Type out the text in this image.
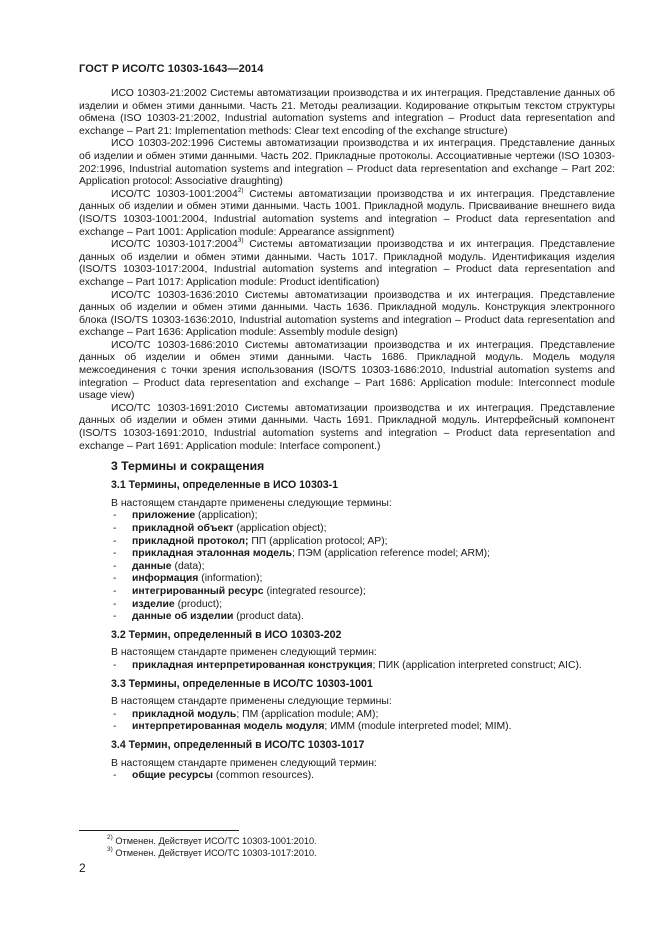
ГОСТ Р ИСО/ТС 10303-1643—2014

ИСО 10303-21:2002 Системы автоматизации производства и их интеграция. Представление данных об изделии и обмен этими данными. Часть 21. Методы реализации. Кодирование открытым текстом структуры обмена (ISO 10303-21:2002, Industrial automation systems and integration – Product data representation and exchange – Part 21: Implementation methods: Clear text encoding of the exchange structure)

ИСО 10303-202:1996 Системы автоматизации производства и их интеграция. Представление данных об изделии и обмен этими данными. Часть 202. Прикладные протоколы. Ассоциативные чертежи (ISO 10303-202:1996, Industrial automation systems and integration – Product data representation and exchange – Part 202: Application protocol: Associative draughting)

ИСО/ТС 10303-1001:2004$^{2)}$ Системы автоматизации производства и их интеграция. Представление данных об изделии и обмен этими данными. Часть 1001. Прикладной модуль. Присваивание внешнего вида (ISO/TS 10303-1001:2004, Industrial automation systems and integration – Product data representation and exchange – Part 1001: Application module: Appearance assignment)

ИСО/ТС 10303-1017:2004$^{3)}$ Системы автоматизации производства и их интеграция. Представление данных об изделии и обмен этими данными. Часть 1017. Прикладной модуль. Идентификация изделия (ISO/TS 10303-1017:2004, Industrial automation systems and integration – Product data representation and exchange – Part 1017: Application module: Product identification)

ИСО/ТС 10303-1636:2010 Системы автоматизации производства и их интеграция. Представление данных об изделии и обмен этими данными. Часть 1636. Прикладной модуль. Конструкция электронного блока (ISO/TS 10303-1636:2010, Industrial automation systems and integration – Product data representation and exchange – Part 1636: Application module: Assembly module design)

ИСО/ТС 10303-1686:2010 Системы автоматизации производства и их интеграция. Представление данных об изделии и обмен этими данными. Часть 1686. Прикладной модуль. Модель модуля межсоединения с точки зрения использования (ISO/TS 10303-1686:2010, Industrial automation systems and integration – Product data representation and exchange – Part 1686: Application module: Interconnect module usage view)

ИСО/ТС 10303-1691:2010 Системы автоматизации производства и их интеграция. Представление данных об изделии и обмен этими данными. Часть 1691. Прикладной модуль. Интерфейсный компонент (ISO/TS 10303-1691:2010, Industrial automation systems and integration – Product data representation and exchange – Part 1691: Application module: Interface component.)

3 Термины и сокращения
3.1 Термины, определенные в ИСО 10303-1

В настоящем стандарте применены следующие термины:

- приложение (application);
- прикладной объект (application object);
- прикладной протокол; ПП (application protocol; AP);
- прикладная эталонная модель; ПЭМ (application reference model; ARM);
- данные (data);
- информация (information);
- интегрированный ресурс (integrated resource);
- изделие (product);
- данные об изделии (product data).
3.2 Термин, определенный в ИСО 10303-202

В настоящем стандарте применен следующий термин:

- прикладная интерпретированная конструкция; ПИК (application interpreted construct; AIC).
3.3 Термины, определенные в ИСО/ТС 10303-1001

В настоящем стандарте применены следующие термины:

- прикладной модуль; ПМ (application module; AM);
- интерпретированная модель модуля; ИММ (module interpreted model; MIM).
3.4 Термин, определенный в ИСО/ТС 10303-1017

В настоящем стандарте применен следующий термин:

- общие ресурсы (common resources).
$^{2)}$ Отменен. Действует ИСО/ТС 10303-1001:2010.
$^{3)}$ Отменен. Действует ИСО/ТС 10303-1017:2010.
2
